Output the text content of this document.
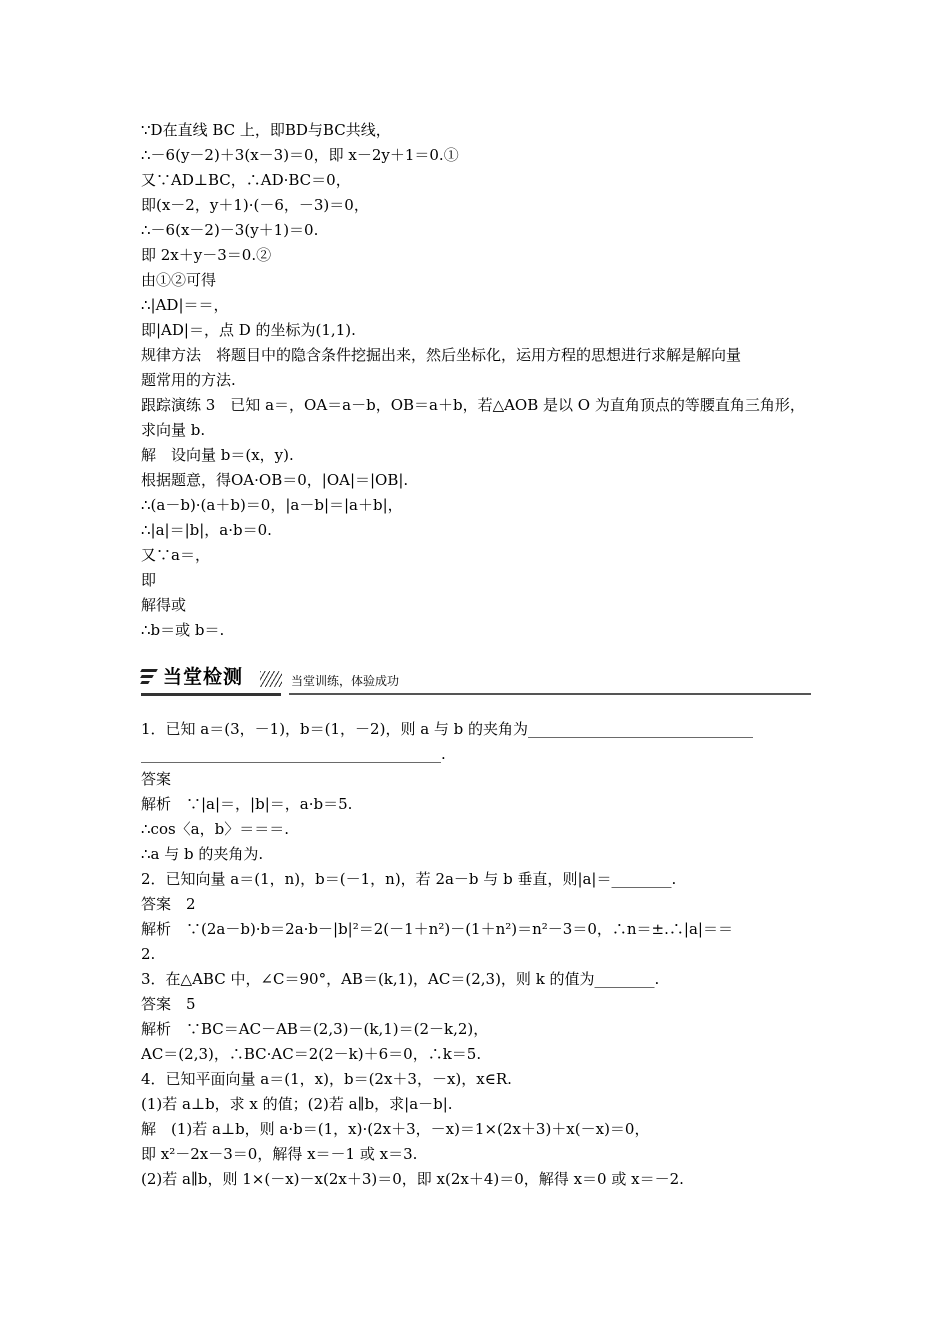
∵D在直线 BC 上，即BD与BC共线，
∴－6(y－2)＋3(x－3)＝0，即 x－2y＋1＝0.①
又∵AD⊥BC，∴AD·BC＝0，
即(x－2，y＋1)·(－6，－3)＝0，
∴－6(x－2)－3(y＋1)＝0.
即 2x＋y－3＝0.②
由①②可得
∴|AD|＝＝，
即|AD|＝，点 D 的坐标为(1,1).
规律方法　将题目中的隐含条件挖掘出来，然后坐标化，运用方程的思想进行求解是解向量
题常用的方法.
跟踪演练 3　已知 a＝，OA＝a－b，OB＝a＋b，若△AOB 是以 O 为直角顶点的等腰直角三角形，
求向量 b.
解　设向量 b＝(x，y).
根据题意，得OA·OB＝0，|OA|＝|OB|.
∴(a－b)·(a＋b)＝0，|a－b|＝|a＋b|，
∴|a|＝|b|，a·b＝0.
又∵a＝，
即
解得或
∴b＝或 b＝.
当堂检测	当堂训练，体验成功
1．已知 a＝(3，－1)，b＝(1，－2)，则 a 与 b 的夹角为______________________________
________________________________________.
答案
解析　∵|a|＝，|b|＝，a·b＝5.
∴cos〈a，b〉＝＝＝.
∴a 与 b 的夹角为.
2．已知向量 a＝(1，n)，b＝(－1，n)，若 2a－b 与 b 垂直，则|a|＝________.
答案　2
解析　∵(2a－b)·b＝2a·b－|b|²＝2(－1＋n²)－(1＋n²)＝n²－3＝0，∴n＝±.∴|a|＝＝
2.
3．在△ABC 中，∠C＝90°，AB＝(k,1)，AC＝(2,3)，则 k 的值为________.
答案　5
解析　∵BC＝AC－AB＝(2,3)－(k,1)＝(2－k,2)，
AC＝(2,3)，∴BC·AC＝2(2－k)＋6＝0，∴k＝5.
4．已知平面向量 a＝(1，x)，b＝(2x＋3，－x)，x∈R.
(1)若 a⊥b，求 x 的值；(2)若 a∥b，求|a－b|.
解　(1)若 a⊥b，则 a·b＝(1，x)·(2x＋3，－x)＝1×(2x＋3)＋x(－x)＝0，
即 x²－2x－3＝0，解得 x＝－1 或 x＝3.
(2)若 a∥b，则 1×(－x)－x(2x＋3)＝0，即 x(2x＋4)＝0，解得 x＝0 或 x＝－2.
